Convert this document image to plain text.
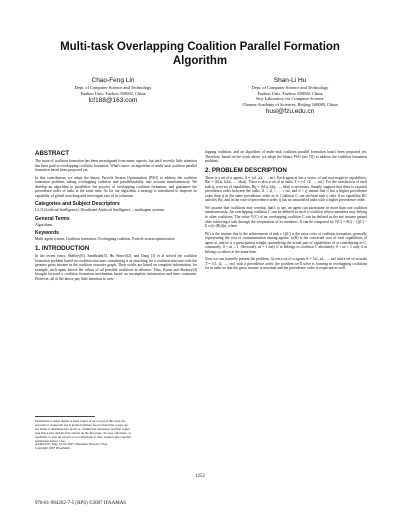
Multi-task Overlapping Coalition Parallel Formation Algorithm
Chao-Feng Lin
Dept. of Computer Science and Technology
Fuzhou Univ. Fuzhou 350002, China
lcf188@163.com
Shan-Li Hu
Dept. of Computer Science and Technology
Fuzhou Univ. Fuzhou 350002, China
Key Laboratory for Computer Science
Chinese Academy of Sciences, Beijing 100080, China
husl@fzu.edu.cn
ABSTRACT
The issue of coalition formation has been investigated from many aspects, but until recently little attention has been paid to overlapping coalition formation. What's more, an algorithm of multi-task coalition parallel formation hasn't been proposed yet.
In this contribution, we adopt the binary Particle Swarm Optimization (PSO) to address the coalition formation problem, taking overlapping coalition and parallelizability into account simultaneously. We develop an algorithm to parallelize the process of overlapping coalition formation, and guarantee the precedence order of tasks at the same time. As for our algorithm, a strategy is introduced to improve its capability of global searching and convergent rate of its solutions.
Categories and Subject Descriptors
I.2.11[Artificial Intelligence]: Distributed Artificial Intelligence —multiagent systems.
General Terms
Algorithms
Keywords
Multi-agent system, Coalition formation, Overlapping coalition, Particle swarm optimization
1. INTRODUCTION
In the recent years, Shehory[6], Sandholm[5], Hu Shan-li[2], and Dang [1] et al solved the coalition formation problem based on coalition structure, considering it as searching for a coalition structure with the greatest gross income in the coalition structure graph. Their works are based on complete information, for example, each agent knows the values of all possible coalitions in advance. Thus, Kraus and Shehory[4] brought forward a coalition formation mechanism based on incomplete information and time constraint. However, all of the above pay little attention to over-
Permission to make digital or hard copies of all or part of this work for
personal or classroom use is granted without fee provided that copies are
not made or distributed for profit or commercial advantage and that copies
bear this notice and the full citation on the first page. To copy otherwise, or
republish, to post on servers or to redistribute to lists, requires prior specific
permission and/or a fee.
AAMAS'07, May 14-18, 2007, Honolulu, Hawai'i, USA.
Copyright 2007 IFAAMAS .
lapping coalition, and an algorithm of multi-task coalition parallel formation hasn't been proposed yet. Therefore, based on the work above, we adopt the binary PSO (see [3]) to address the coalition formation problem.
2. PROBLEM DESCRIPTION
There is a set of n agents, A = {a1, a2, …, an}. Each agent ai has a vector of real non-negative capabilities, Bai = ⟨b1ai, b2ai, …, bkai⟩. There is also a set of m tasks, T = {t1, t2, …, tm}. For the satisfaction of each task tj, a vector of capabilities, Btj = ⟨b1tj, b2tj, …, bktj⟩ is necessary. Simply, suppose that there is a partial precedence order between the tasks, t1 ≤ t2 ≤ … ≤ tm, and ti < tj means that ti has a higher precedence order than tj in the same precedence order as ti. Coalition C can perform task tj only if its capability BC satisfies Btj, and in the case of precedence order, tj has no unsatisfied tasks with a higher precedence order.
We assume that coalitions may overlap, that's to say, an agent can participate in more than one coalition simultaneously. An overlapping coalition C can be defined as such a coalition whose members may belong to other coalitions. The value V(C) of an overlapping coalition C can be defined as the net income gained after achieving a task through the cooperation of its members. It can be computed by V(C) = P(t) − Q(C) − Σ w(i)·(R(i))α, where
P(t) is the income due to the achievement of task t; Q(C) is the extra costs of coalition formation, generally representing the cost of communication among agents; w(R) is the converted cost of total capabilities of agent ai, and αi is a participation weight, quantifying the actual part of capabilities of ai contributing to C, commonly, 0 < αi ≤ 1. Obviously, αi = 1 only if ai belongs to coalition C absolutely; 0 < αi < 1 only if ai belongs to others at the same time.
Now we can formally present the problem. Given a set of n agents A = {a1, a2, …, an} and a set of m tasks T = {t1, t2, …, tm} with a precedence order, the problem we'll solve is forming m overlapping coalitions for m tasks so that the gross income is maximal and the precedence order is respected as well.
1252
978-81-904262-7-5 (RPS) ©2007 IFAAMAS
